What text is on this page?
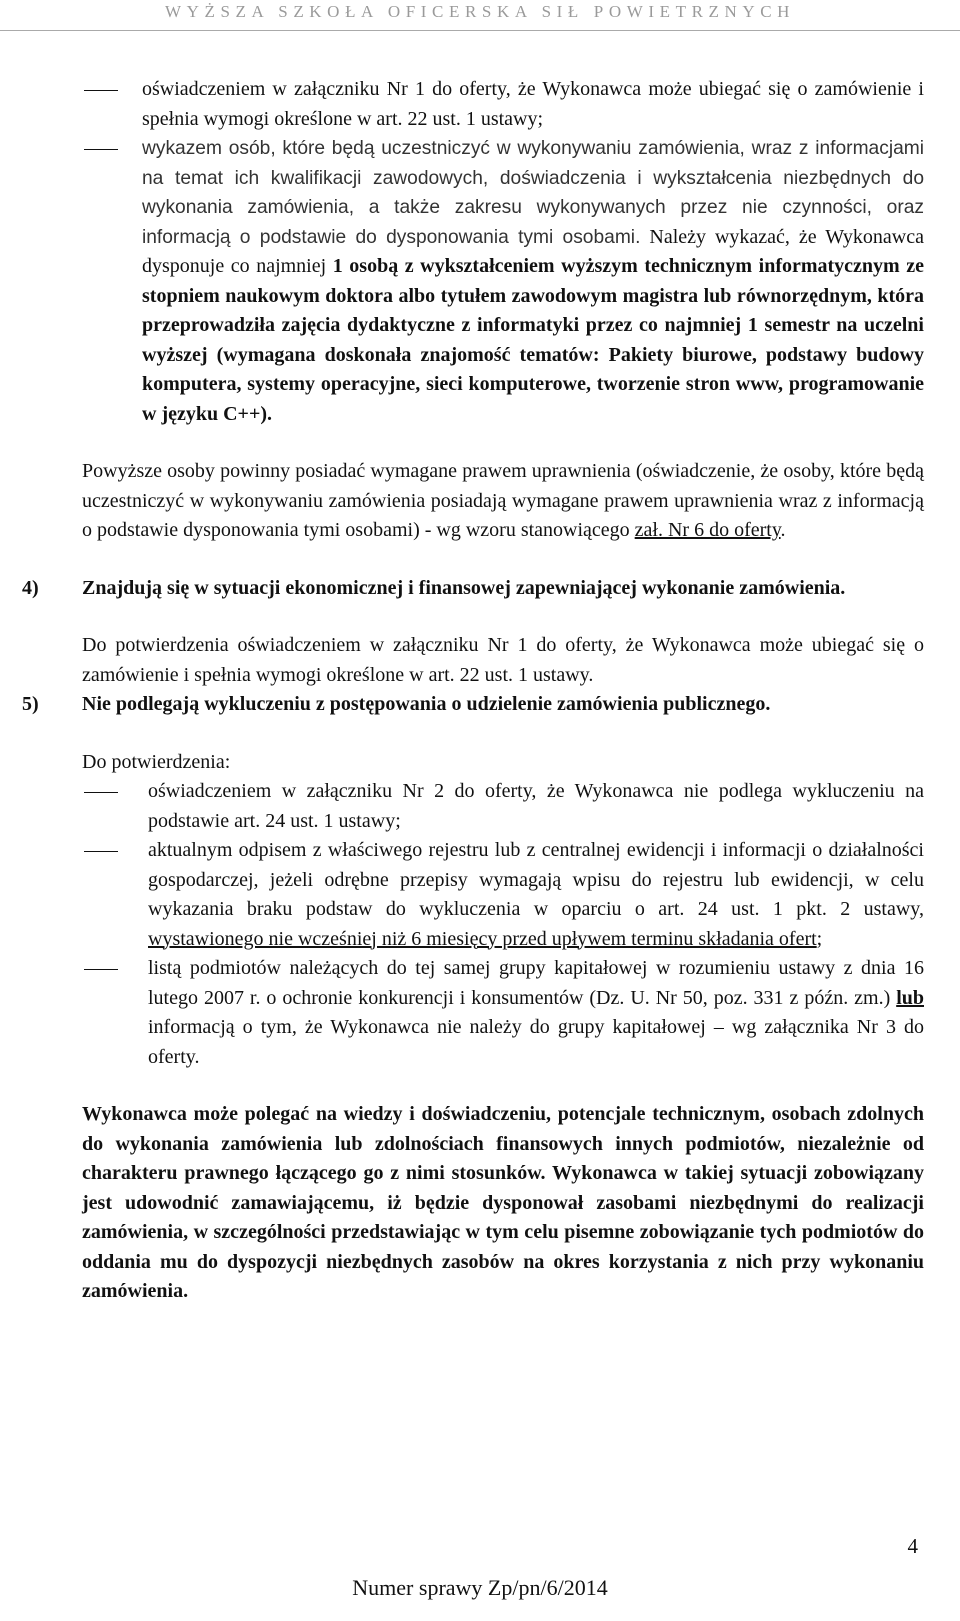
WYŻSZA SZKOŁA OFICERSKA SIŁ POWIETRZNYCH

oświadczeniem w załączniku Nr 1 do oferty, że Wykonawca może ubiegać się o zamówienie i spełnia wymogi określone w art. 22 ust. 1 ustawy;

wykazem osób, które będą uczestniczyć w wykonywaniu zamówienia, wraz z informacjami na temat ich kwalifikacji zawodowych, doświadczenia i wykształcenia niezbędnych do wykonania zamówienia, a także zakresu wykonywanych przez nie czynności, oraz informacją o podstawie do dysponowania tymi osobami. Należy wykazać, że Wykonawca dysponuje co najmniej 1 osobą z wykształceniem wyższym technicznym informatycznym ze stopniem naukowym doktora albo tytułem zawodowym magistra lub równorzędnym, która przeprowadziła zajęcia dydaktyczne z informatyki przez co najmniej 1 semestr na uczelni wyższej (wymagana doskonała znajomość tematów: Pakiety biurowe, podstawy budowy komputera, systemy operacyjne, sieci komputerowe, tworzenie stron www, programowanie w języku C++).

Powyższe osoby powinny posiadać wymagane prawem uprawnienia (oświadczenie, że osoby, które będą uczestniczyć w wykonywaniu zamówienia posiadają wymagane prawem uprawnienia wraz z informacją o podstawie dysponowania tymi osobami) - wg wzoru stanowiącego zał. Nr 6 do oferty.

4) Znajdują się w sytuacji ekonomicznej i finansowej zapewniającej wykonanie zamówienia.

Do potwierdzenia oświadczeniem w załączniku Nr 1 do oferty, że Wykonawca może ubiegać się o zamówienie i spełnia wymogi określone w art. 22 ust. 1 ustawy.

5) Nie podlegają wykluczeniu z postępowania o udzielenie zamówienia publicznego.

Do potwierdzenia:

oświadczeniem w załączniku Nr 2 do oferty, że Wykonawca nie podlega wykluczeniu na podstawie art. 24 ust. 1 ustawy;

aktualnym odpisem z właściwego rejestru lub z centralnej ewidencji i informacji o działalności gospodarczej, jeżeli odrębne przepisy wymagają wpisu do rejestru lub ewidencji, w celu wykazania braku podstaw do wykluczenia w oparciu o art. 24 ust. 1 pkt. 2 ustawy, wystawionego nie wcześniej niż 6 miesięcy przed upływem terminu składania ofert;

listą podmiotów należących do tej samej grupy kapitałowej w rozumieniu ustawy z dnia 16 lutego 2007 r. o ochronie konkurencji i konsumentów (Dz. U. Nr 50, poz. 331 z późn. zm.) lub informacją o tym, że Wykonawca nie należy do grupy kapitałowej – wg załącznika Nr 3 do oferty.

Wykonawca może polegać na wiedzy i doświadczeniu, potencjale technicznym, osobach zdolnych do wykonania zamówienia lub zdolnościach finansowych innych podmiotów, niezależnie od charakteru prawnego łączącego go z nimi stosunków. Wykonawca w takiej sytuacji zobowiązany jest udowodnić zamawiającemu, iż będzie dysponował zasobami niezbędnymi do realizacji zamówienia, w szczególności przedstawiając w tym celu pisemne zobowiązanie tych podmiotów do oddania mu do dyspozycji niezbędnych zasobów na okres korzystania z nich przy wykonaniu zamówienia.

4
Numer sprawy Zp/pn/6/2014
